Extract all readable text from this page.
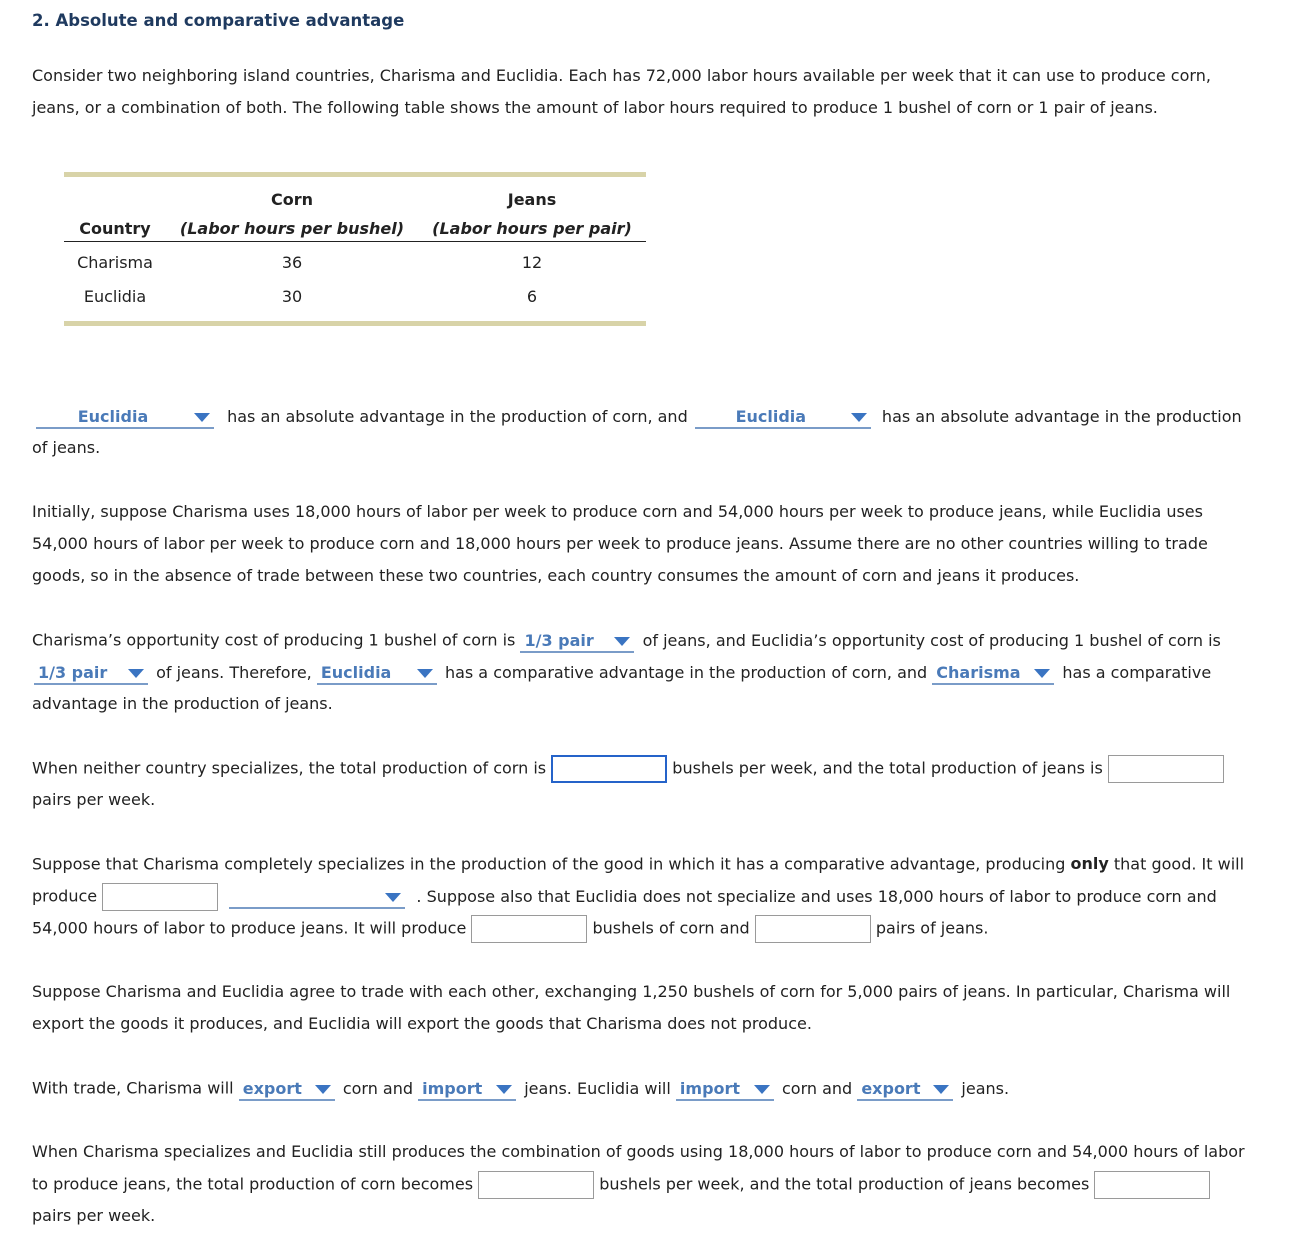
2. Absolute and comparative advantage
Consider two neighboring island countries, Charisma and Euclidia. Each has 72,000 labor hours available per week that it can use to produce corn, jeans, or a combination of both. The following table shows the amount of labor hours required to produce 1 bushel of corn or 1 pair of jeans.
Corn	Jeans
Country	(Labor hours per bushel)	(Labor hours per pair)
Charisma	36	12
Euclidia	30	6
Euclidia	has an absolute advantage in the production of corn, and	Euclidia	has an absolute advantage in the production
of jeans.
Initially, suppose Charisma uses 18,000 hours of labor per week to produce corn and 54,000 hours per week to produce jeans, while Euclidia uses 54,000 hours of labor per week to produce corn and 18,000 hours per week to produce jeans. Assume there are no other countries willing to trade goods, so in the absence of trade between these two countries, each country consumes the amount of corn and jeans it produces.
Charisma’s opportunity cost of producing 1 bushel of corn is 1/3 pair	of jeans, and Euclidia’s opportunity cost of producing 1 bushel of corn is
1/3 pair	of jeans. Therefore, Euclidia	has a comparative advantage in the production of corn, and Charisma	has a comparative
advantage in the production of jeans.
When neither country specializes, the total production of corn is	bushels per week, and the total production of jeans is
pairs per week.
Suppose that Charisma completely specializes in the production of the good in which it has a comparative advantage, producing only that good. It will
produce	. Suppose also that Euclidia does not specialize and uses 18,000 hours of labor to produce corn and
54,000 hours of labor to produce jeans. It will produce	bushels of corn and	pairs of jeans.
Suppose Charisma and Euclidia agree to trade with each other, exchanging 1,250 bushels of corn for 5,000 pairs of jeans. In particular, Charisma will export the goods it produces, and Euclidia will export the goods that Charisma does not produce.
With trade, Charisma will export	corn and import	jeans. Euclidia will import	corn and export	jeans.
When Charisma specializes and Euclidia still produces the combination of goods using 18,000 hours of labor to produce corn and 54,000 hours of labor
to produce jeans, the total production of corn becomes	bushels per week, and the total production of jeans becomes
pairs per week.
